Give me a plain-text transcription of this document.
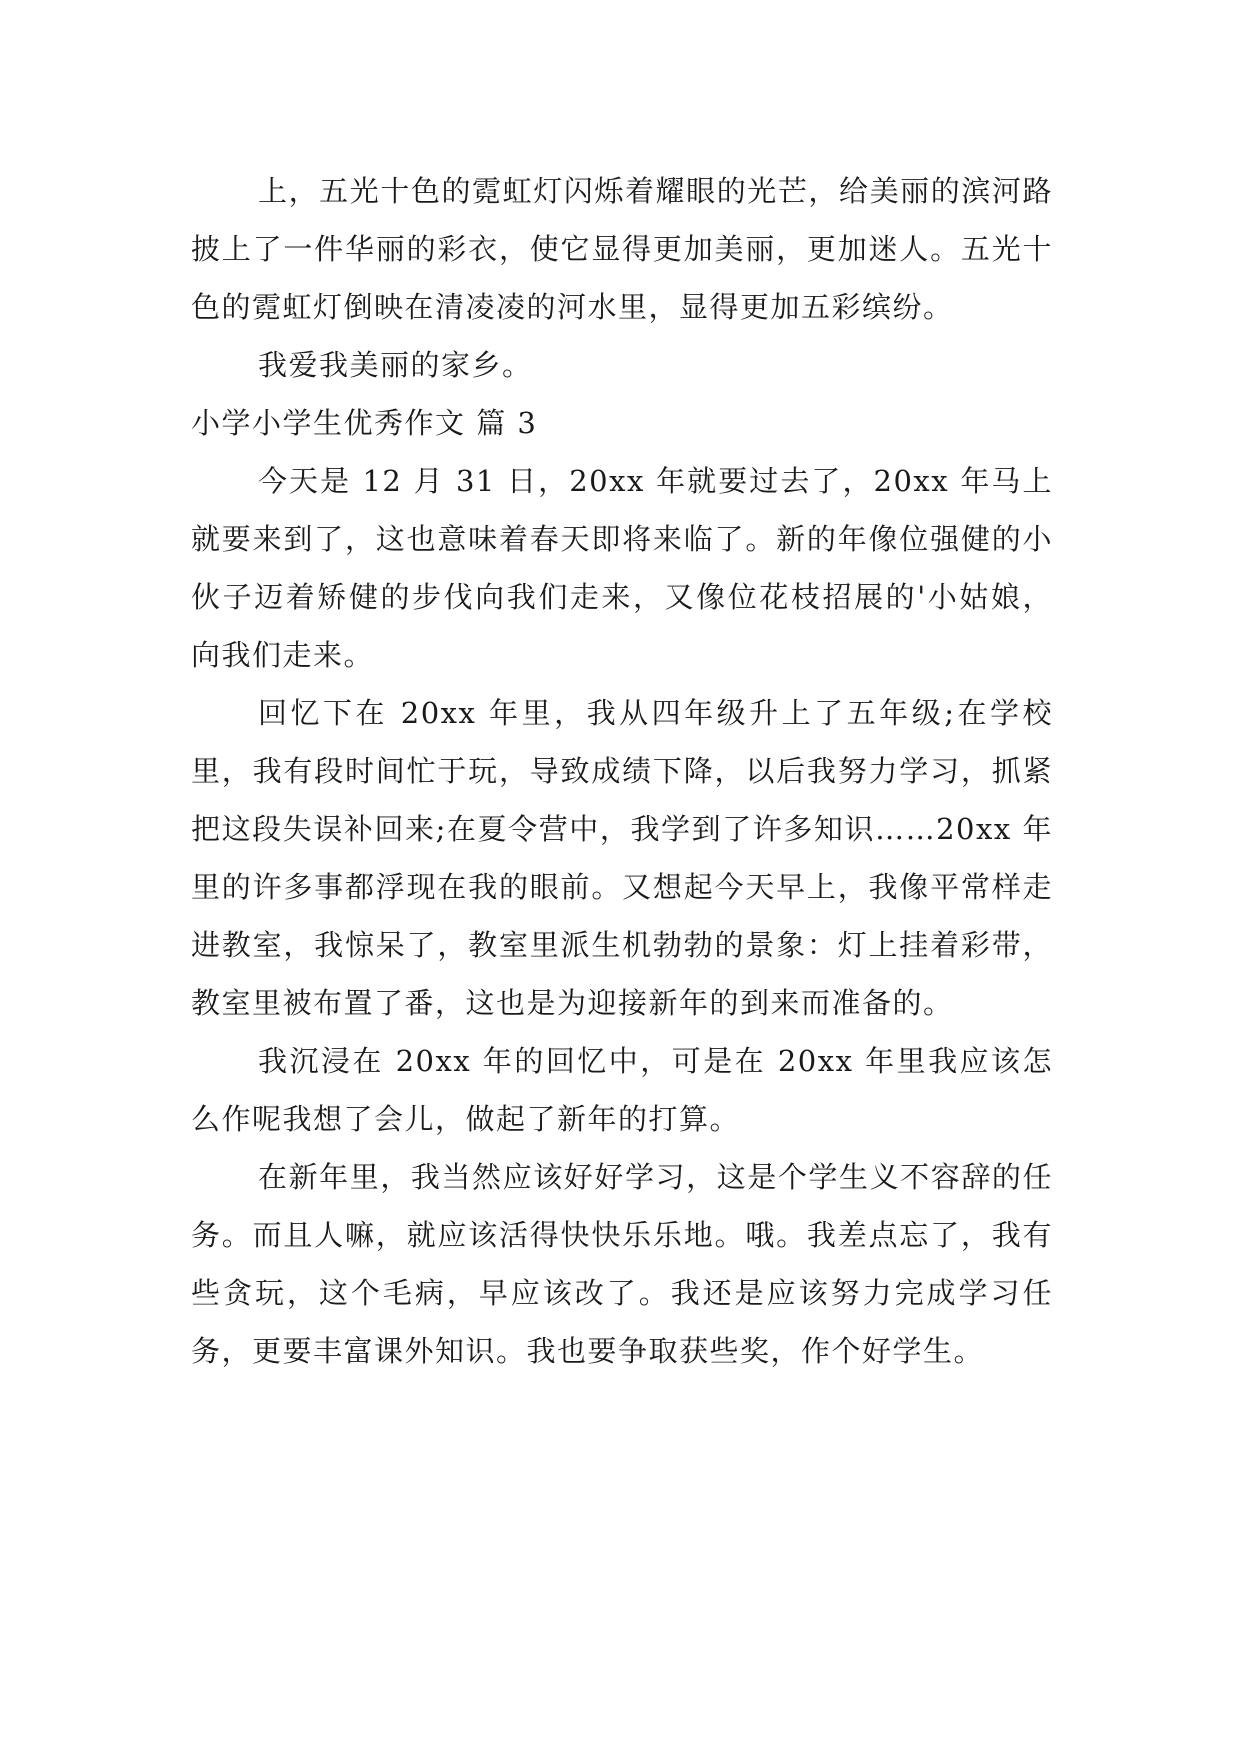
上，五光十色的霓虹灯闪烁着耀眼的光芒，给美丽的滨河路披上了一件华丽的彩衣，使它显得更加美丽，更加迷人。五光十色的霓虹灯倒映在清凌凌的河水里，显得更加五彩缤纷。

我爱我美丽的家乡。

小学小学生优秀作文 篇 3

今天是 12 月 31 日，20xx 年就要过去了，20xx 年马上就要来到了，这也意味着春天即将来临了。新的年像位强健的小伙子迈着矫健的步伐向我们走来，又像位花枝招展的'小姑娘，向我们走来。

回忆下在 20xx 年里，我从四年级升上了五年级;在学校里，我有段时间忙于玩，导致成绩下降，以后我努力学习，抓紧把这段失误补回来;在夏令营中，我学到了许多知识……20xx 年里的许多事都浮现在我的眼前。又想起今天早上，我像平常样走进教室，我惊呆了，教室里派生机勃勃的景象：灯上挂着彩带，教室里被布置了番，这也是为迎接新年的到来而准备的。

我沉浸在 20xx 年的回忆中，可是在 20xx 年里我应该怎么作呢我想了会儿，做起了新年的打算。

在新年里，我当然应该好好学习，这是个学生义不容辞的任务。而且人嘛，就应该活得快快乐乐地。哦。我差点忘了，我有些贪玩，这个毛病，早应该改了。我还是应该努力完成学习任务，更要丰富课外知识。我也要争取获些奖，作个好学生。
